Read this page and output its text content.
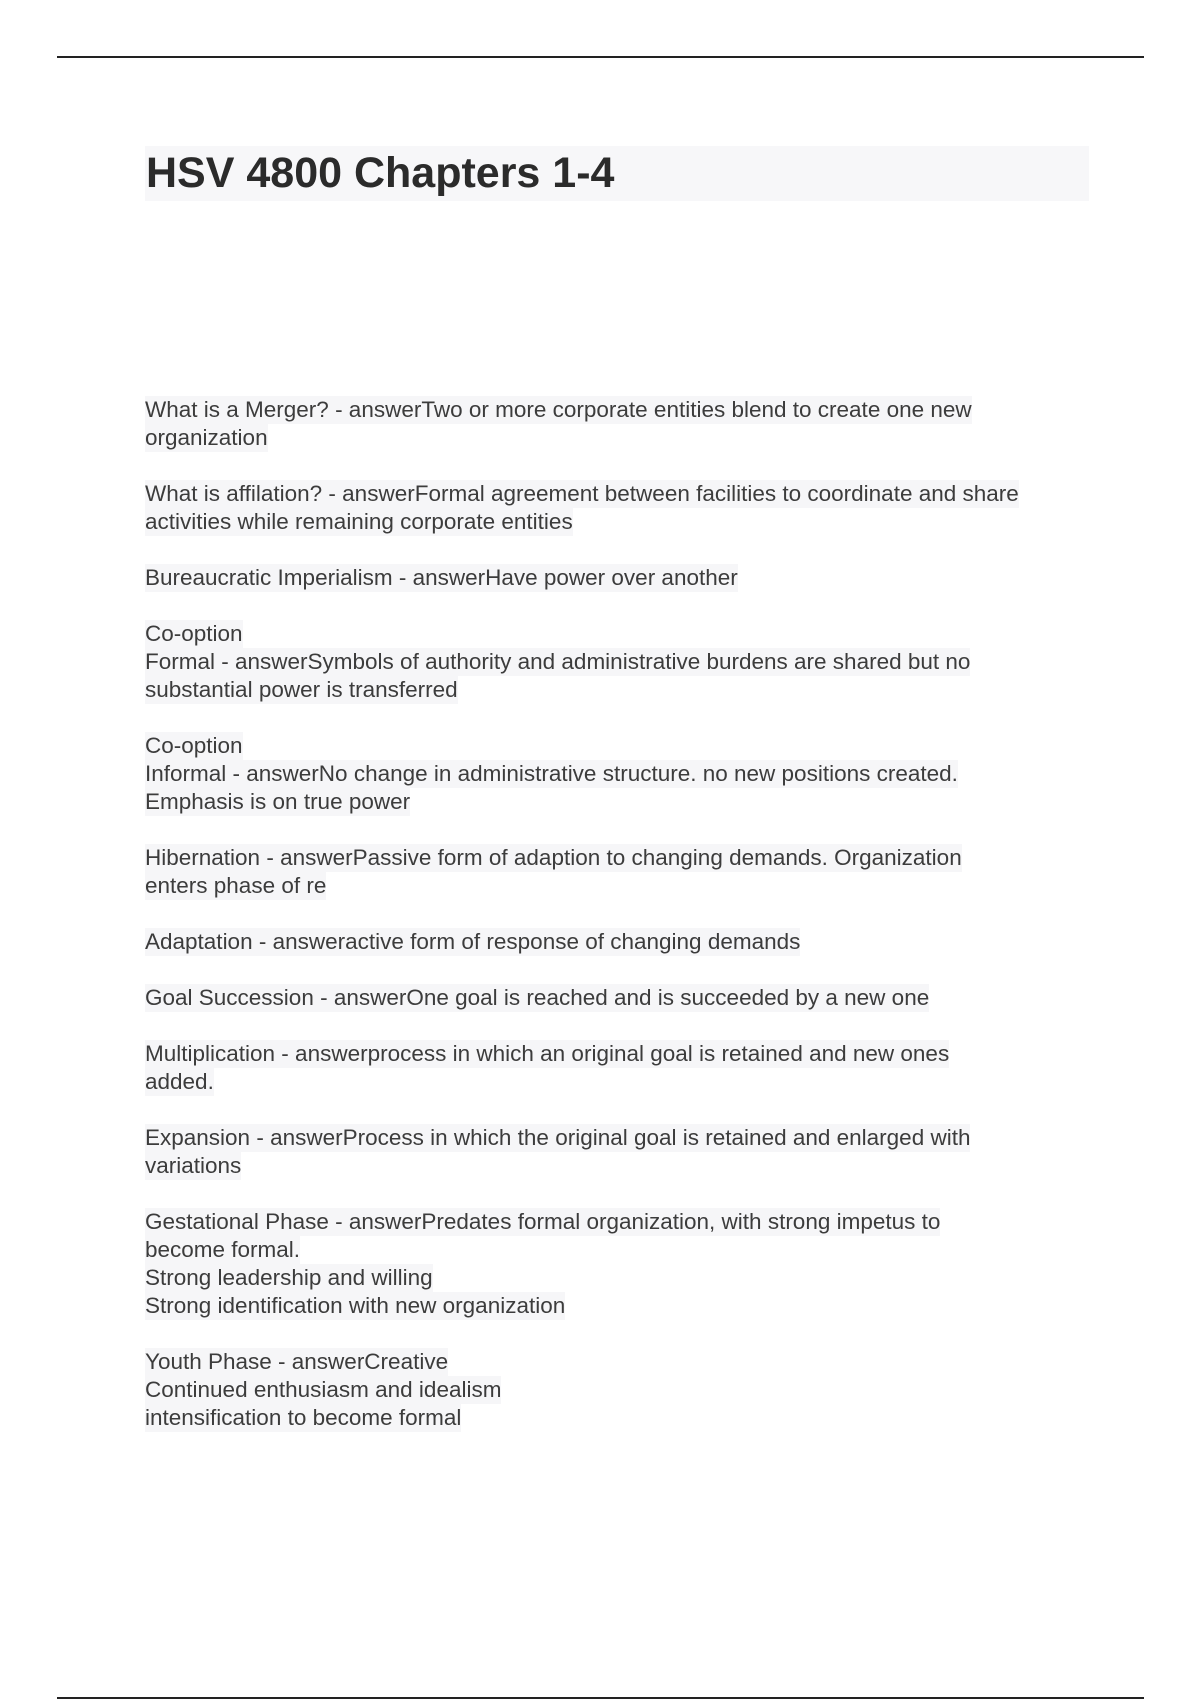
HSV 4800 Chapters 1-4
What is a Merger? - answerTwo or more corporate entities blend to create one new
organization
What is affilation? - answerFormal agreement between facilities to coordinate and share
activities while remaining corporate entities
Bureaucratic Imperialism - answerHave power over another
Co-option
Formal - answerSymbols of authority and administrative burdens are shared but no
substantial power is transferred
Co-option
Informal - answerNo change in administrative structure. no new positions created.
Emphasis is on true power
Hibernation - answerPassive form of adaption to changing demands. Organization
enters phase of re
Adaptation - answeractive form of response of changing demands
Goal Succession - answerOne goal is reached and is succeeded by a new one
Multiplication - answerprocess in which an original goal is retained and new ones
added.
Expansion - answerProcess in which the original goal is retained and enlarged with
variations
Gestational Phase - answerPredates formal organization, with strong impetus to
become formal.
Strong leadership and willing
Strong identification with new organization
Youth Phase - answerCreative
Continued enthusiasm and idealism
intensification to become formal
